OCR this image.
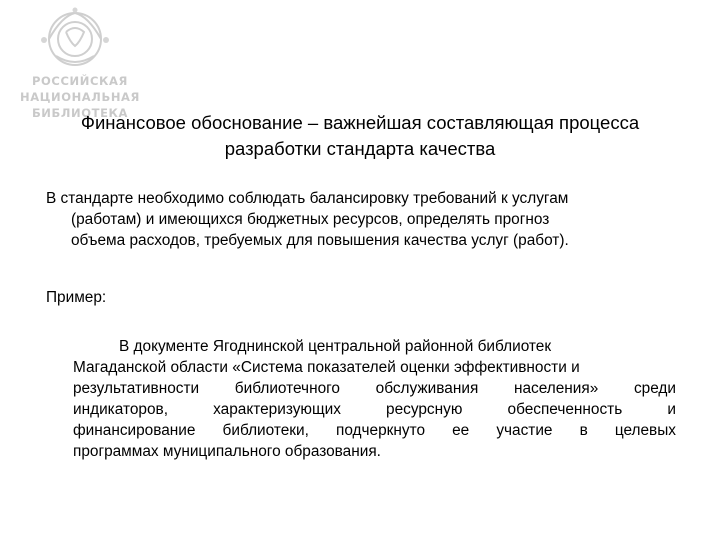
РОССИЙСКАЯ
НАЦИОНАЛЬНАЯ
БИБЛИОТЕКА
Финансовое обоснование – важнейшая составляющая процесса
разработки стандарта качества
В стандарте необходимо соблюдать балансировку требований к услугам
(работам) и имеющихся бюджетных ресурсов, определять прогноз
объема расходов, требуемых для повышения качества услуг (работ).
Пример:
В документе Ягоднинской центральной районной библиотек
Магаданской области «Система показателей оценки эффективности и
результативности библиотечного обслуживания населения» среди
индикаторов, характеризующих ресурсную обеспеченность и
финансирование библиотеки, подчеркнуто ее участие в целевых
программах муниципального образования.
